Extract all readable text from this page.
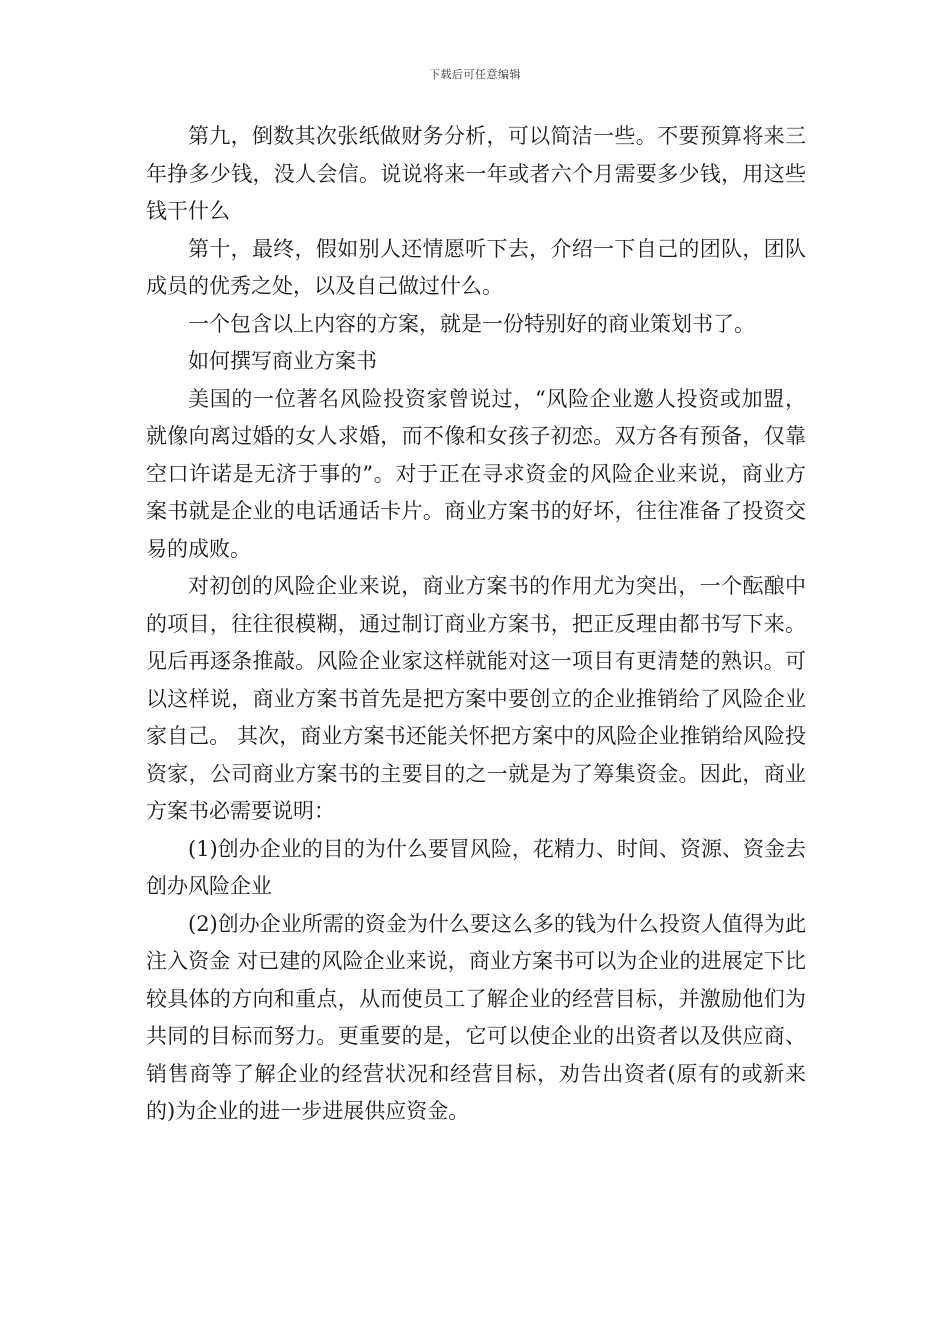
下载后可任意编辑

第九，倒数其次张纸做财务分析，可以简洁一些。不要预算将来三年挣多少钱，没人会信。说说将来一年或者六个月需要多少钱，用这些钱干什么

第十，最终，假如别人还情愿听下去，介绍一下自己的团队，团队成员的优秀之处，以及自己做过什么。

一个包含以上内容的方案，就是一份特别好的商业策划书了。

如何撰写商业方案书

美国的一位著名风险投资家曾说过，“风险企业邀人投资或加盟，就像向离过婚的女人求婚，而不像和女孩子初恋。双方各有预备，仅靠空口许诺是无济于事的”。对于正在寻求资金的风险企业来说，商业方案书就是企业的电话通话卡片。商业方案书的好坏，往往准备了投资交易的成败。

对初创的风险企业来说，商业方案书的作用尤为突出，一个酝酿中的项目，往往很模糊，通过制订商业方案书，把正反理由都书写下来。见后再逐条推敲。风险企业家这样就能对这一项目有更清楚的熟识。可以这样说，商业方案书首先是把方案中要创立的企业推销给了风险企业家自己。 其次，商业方案书还能关怀把方案中的风险企业推销给风险投资家，公司商业方案书的主要目的之一就是为了筹集资金。因此，商业方案书必需要说明：

(1)创办企业的目的为什么要冒风险，花精力、时间、资源、资金去创办风险企业

(2)创办企业所需的资金为什么要这么多的钱为什么投资人值得为此注入资金 对已建的风险企业来说，商业方案书可以为企业的进展定下比较具体的方向和重点，从而使员工了解企业的经营目标，并激励他们为共同的目标而努力。更重要的是，它可以使企业的出资者以及供应商、销售商等了解企业的经营状况和经营目标，劝告出资者(原有的或新来的)为企业的进一步进展供应资金。
